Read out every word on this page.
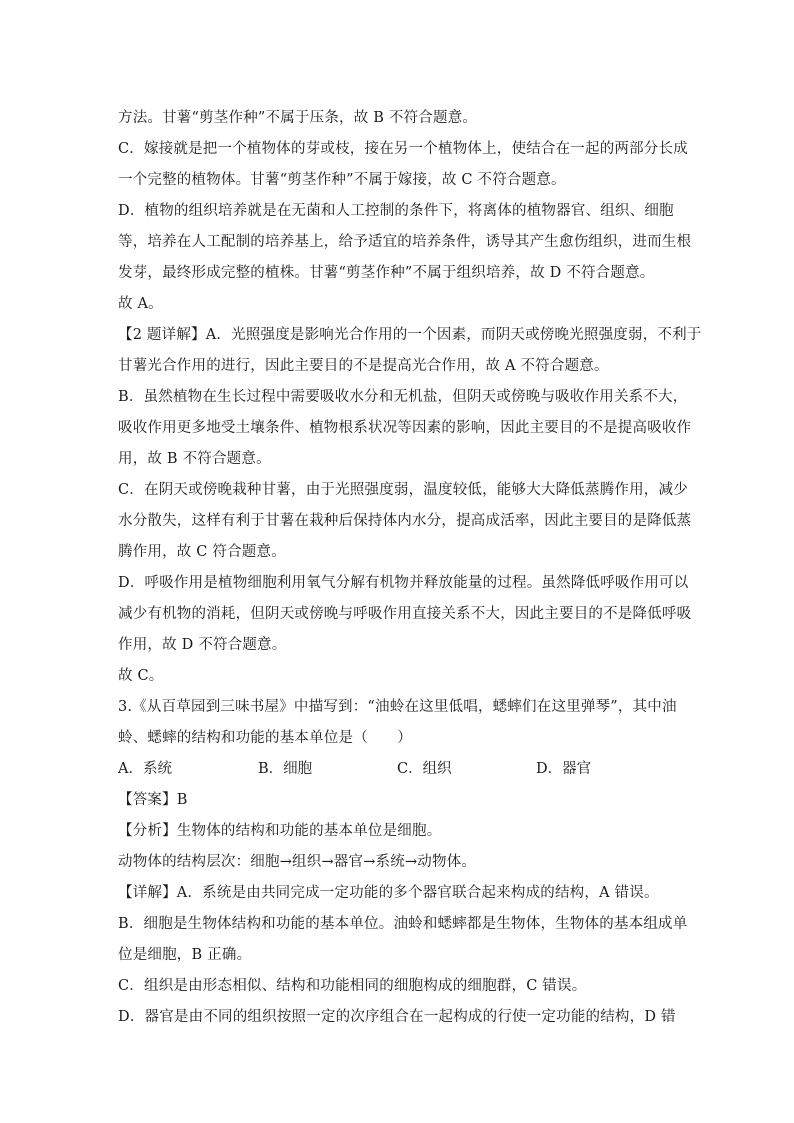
方法。甘薯“剪茎作种”不属于压条，故 B 不符合题意。
C．嫁接就是把一个植物体的芽或枝，接在另一个植物体上，使结合在一起的两部分长成
一个完整的植物体。甘薯“剪茎作种”不属于嫁接，故 C 不符合题意。
D．植物的组织培养就是在无菌和人工控制的条件下，将离体的植物器官、组织、细胞
等，培养在人工配制的培养基上，给予适宜的培养条件，诱导其产生愈伤组织，进而生根
发芽，最终形成完整的植株。甘薯“剪茎作种”不属于组织培养，故 D 不符合题意。
故 A。
【2 题详解】A．光照强度是影响光合作用的一个因素，而阴天或傍晚光照强度弱，不利于
甘薯光合作用的进行，因此主要目的不是提高光合作用，故 A 不符合题意。
B．虽然植物在生长过程中需要吸收水分和无机盐，但阴天或傍晚与吸收作用关系不大，
吸收作用更多地受土壤条件、植物根系状况等因素的影响，因此主要目的不是提高吸收作
用，故 B 不符合题意。
C．在阴天或傍晚栽种甘薯，由于光照强度弱，温度较低，能够大大降低蒸腾作用，减少
水分散失，这样有利于甘薯在栽种后保持体内水分，提高成活率，因此主要目的是降低蒸
腾作用，故 C 符合题意。
D．呼吸作用是植物细胞利用氧气分解有机物并释放能量的过程。虽然降低呼吸作用可以
减少有机物的消耗，但阴天或傍晚与呼吸作用直接关系不大，因此主要目的不是降低呼吸
作用，故 D 不符合题意。
故 C。
3.《从百草园到三味书屋》中描写到：“油蛉在这里低唱，蟋蟀们在这里弹琴”，其中油
蛉、蟋蟀的结构和功能的基本单位是（　　）
A．系统	B．细胞	C．组织	D．器官
【答案】B
【分析】生物体的结构和功能的基本单位是细胞。
动物体的结构层次：细胞→组织→器官→系统→动物体。
【详解】A．系统是由共同完成一定功能的多个器官联合起来构成的结构，A 错误。
B．细胞是生物体结构和功能的基本单位。油蛉和蟋蟀都是生物体，生物体的基本组成单
位是细胞，B 正确。
C．组织是由形态相似、结构和功能相同的细胞构成的细胞群，C 错误。
D．器官是由不同的组织按照一定的次序组合在一起构成的行使一定功能的结构，D 错
